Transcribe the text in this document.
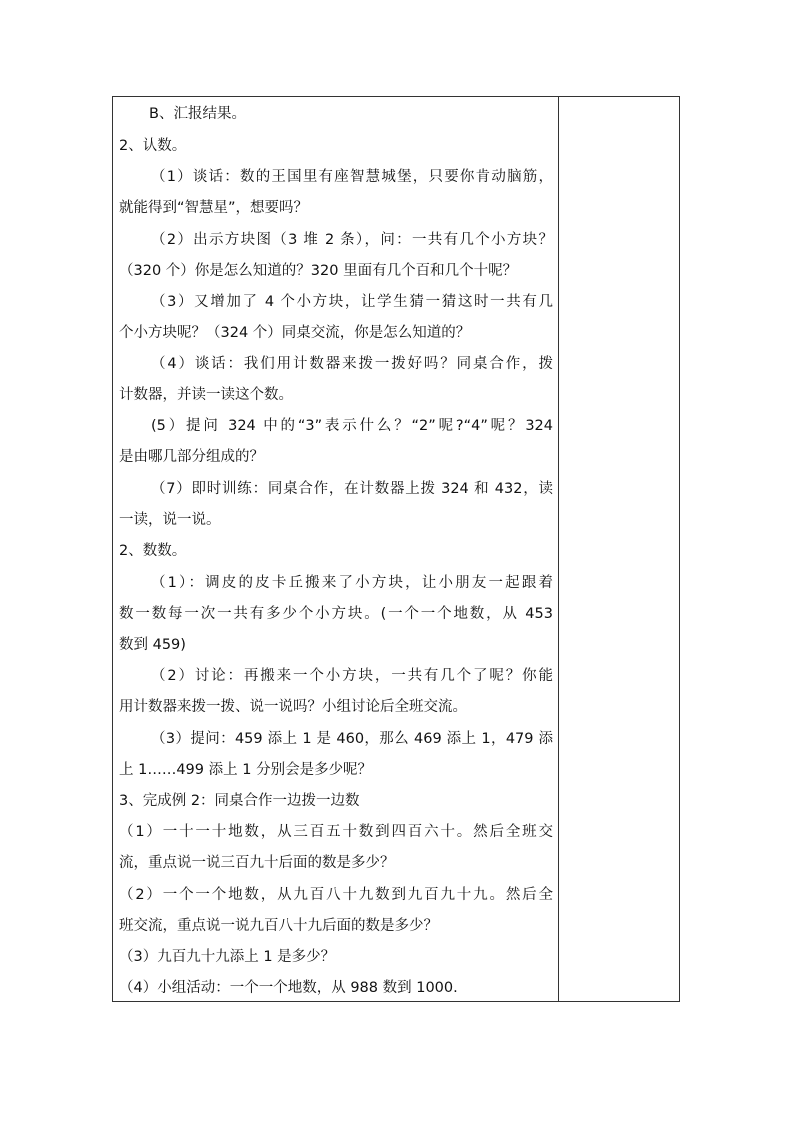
B、汇报结果。
2、认数。
（1）谈话：数的王国里有座智慧城堡，只要你肯动脑筋，
就能得到“智慧星”，想要吗？
（2）出示方块图（3 堆 2 条），问：一共有几个小方块？
（320 个）你是怎么知道的？320 里面有几个百和几个十呢？
（3）又增加了 4 个小方块，让学生猜一猜这时一共有几
个小方块呢？（324 个）同桌交流，你是怎么知道的？
（4）谈话：我们用计数器来拨一拨好吗？同桌合作，拨
计数器，并读一读这个数。
(5）提问 324 中的“3”表示什么？“2”呢?“4”呢？324
是由哪几部分组成的？
（7）即时训练：同桌合作，在计数器上拨 324 和 432，读
一读，说一说。
2、数数。
（1）：调皮的皮卡丘搬来了小方块，让小朋友一起跟着
数一数每一次一共有多少个小方块。(一个一个地数，从 453
数到 459)
（2）讨论：再搬来一个小方块，一共有几个了呢？你能
用计数器来拨一拨、说一说吗？小组讨论后全班交流。
（3）提问：459 添上 1 是 460，那么 469 添上 1，479 添
上 1……499 添上 1 分别会是多少呢？
3、完成例 2：同桌合作一边拨一边数
（1）一十一十地数，从三百五十数到四百六十。然后全班交
流，重点说一说三百九十后面的数是多少？
（2）一个一个地数，从九百八十九数到九百九十九。然后全
班交流，重点说一说九百八十九后面的数是多少？
（3）九百九十九添上 1 是多少？
（4）小组活动：一个一个地数，从 988 数到 1000.
